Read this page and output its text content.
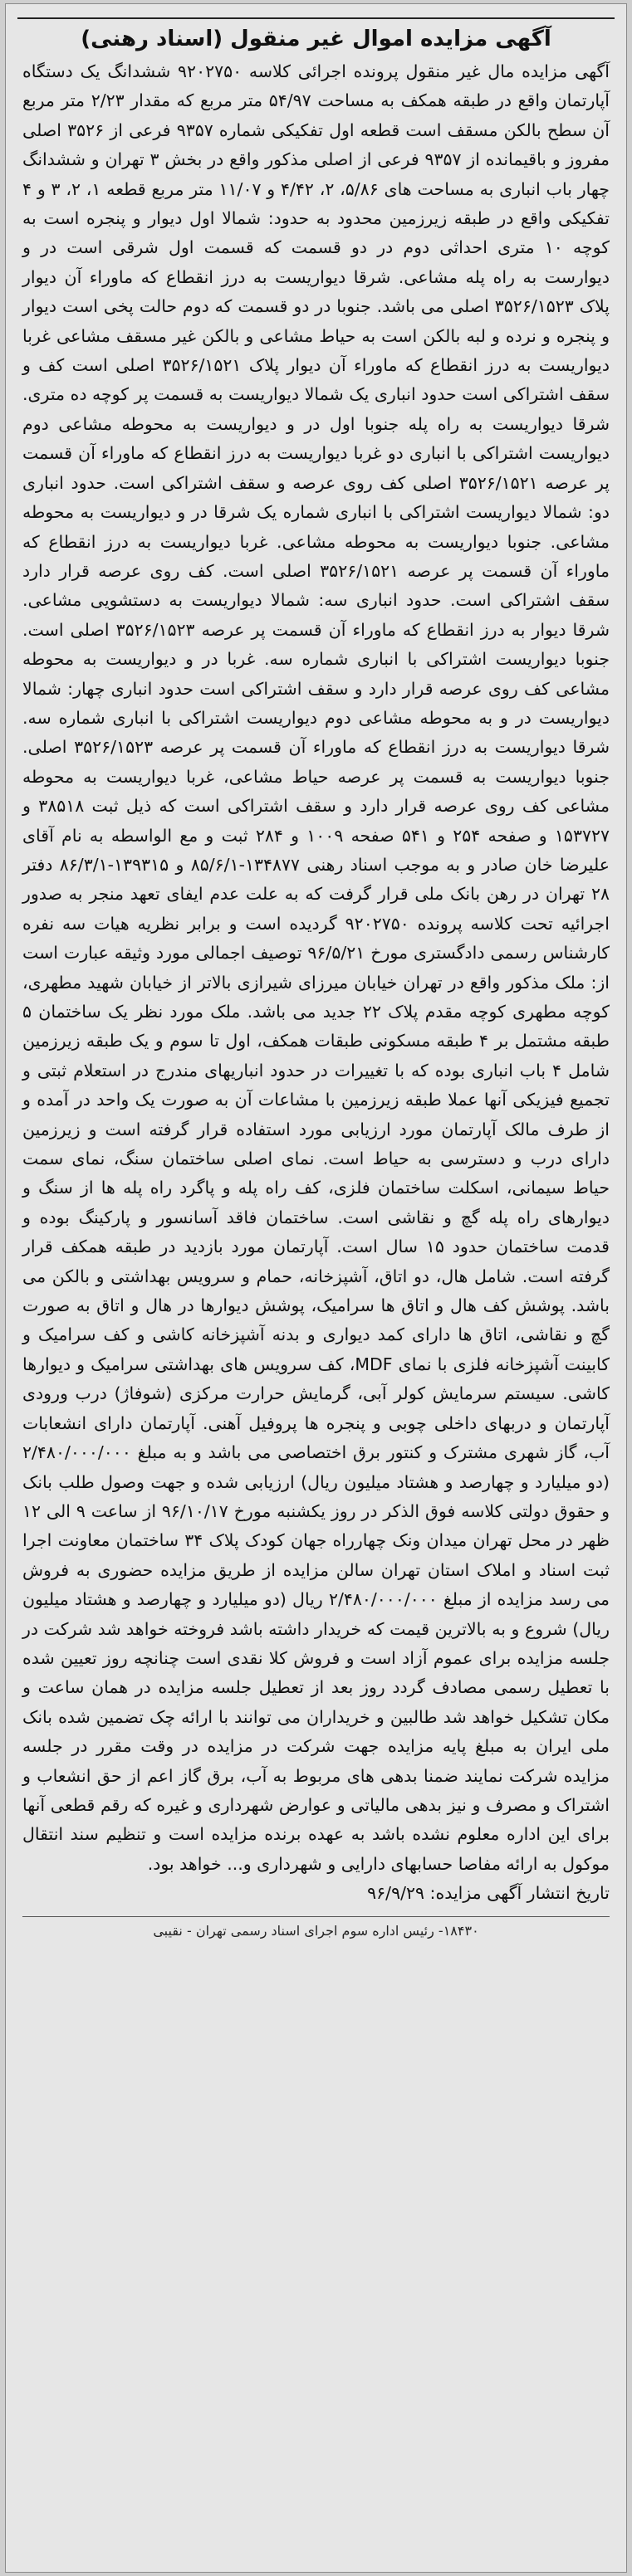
آگهی مزایده اموال غیر منقول (اسناد رهنی)
آگهی مزایده مال غیر منقول پرونده اجرائی کلاسه ۹۲۰۲۷۵۰ ششدانگ یک دستگاه آپارتمان واقع در طبقه همکف به مساحت ۵۴/۹۷ متر مربع که مقدار ۲/۲۳ متر مربع آن سطح بالکن مسقف است قطعه اول تفکیکی شماره ۹۳۵۷ فرعی از ۳۵۲۶ اصلی مفروز و باقیمانده از ۹۳۵۷ فرعی از اصلی مذکور واقع در بخش ۳ تهران و ششدانگ چهار باب انباری به مساحت های ۵/۸۶، ۲، ۴/۴۲ و ۱۱/۰۷ متر مربع قطعه ۱، ۲، ۳ و ۴ تفکیکی واقع در طبقه زیرزمین محدود به حدود: شمالا اول دیوار و پنجره است به کوچه ۱۰ متری احداثی دوم در دو قسمت که قسمت اول شرقی است در و دیوارست به راه پله مشاعی. شرقا دیواریست به درز انقطاع که ماوراء آن دیوار پلاک ۳۵۲۶/۱۵۲۳ اصلی می باشد. جنوبا در دو قسمت که دوم حالت پخی است دیوار و پنجره و نرده و لبه بالکن است به حیاط مشاعی و بالکن غیر مسقف مشاعی غربا دیواریست به درز انقطاع که ماوراء آن دیوار پلاک ۳۵۲۶/۱۵۲۱ اصلی است کف و سقف اشتراکی است حدود انباری یک شمالا دیواریست به قسمت پر کوچه ده متری. شرقا دیواریست به راه پله جنوبا اول در و دیواریست به محوطه مشاعی دوم دیواریست اشتراکی با انباری دو غربا دیواریست به درز انقطاع که ماوراء آن قسمت پر عرصه ۳۵۲۶/۱۵۲۱ اصلی کف روی عرصه و سقف اشتراکی است. حدود انباری دو: شمالا دیواریست اشتراکی با انباری شماره یک شرقا در و دیواریست به محوطه مشاعی. جنوبا دیواریست به محوطه مشاعی. غربا دیواریست به درز انقطاع که ماوراء آن قسمت پر عرصه ۳۵۲۶/۱۵۲۱ اصلی است. کف روی عرصه قرار دارد سقف اشتراکی است. حدود انباری سه: شمالا دیواریست به دستشویی مشاعی. شرقا دیوار به درز انقطاع که ماوراء آن قسمت پر عرصه ۳۵۲۶/۱۵۲۳ اصلی است. جنوبا دیواریست اشتراکی با انباری شماره سه. غربا در و دیواریست به محوطه مشاعی کف روی عرصه قرار دارد و سقف اشتراکی است حدود انباری چهار: شمالا دیواریست در و به محوطه مشاعی دوم دیواریست اشتراکی با انباری شماره سه. شرقا دیواریست به درز انقطاع که ماوراء آن قسمت پر عرصه ۳۵۲۶/۱۵۲۳ اصلی. جنوبا دیواریست به قسمت پر عرصه حیاط مشاعی، غربا دیواریست به محوطه مشاعی کف روی عرصه قرار دارد و سقف اشتراکی است که ذیل ثبت ۳۸۵۱۸ و ۱۵۳۷۲۷ و صفحه ۲۵۴ و ۵۴۱ صفحه ۱۰۰۹ و ۲۸۴ ثبت و مع الواسطه به نام آقای علیرضا خان صادر و به موجب اسناد رهنی ۱۳۴۸۷۷-۸۵/۶/۱ و ۱۳۹۳۱۵-۸۶/۳/۱ دفتر ۲۸ تهران در رهن بانک ملی قرار گرفت که به علت عدم ایفای تعهد منجر به صدور اجرائیه تحت کلاسه پرونده ۹۲۰۲۷۵۰ گردیده است و برابر نظریه هیات سه نفره کارشناس رسمی دادگستری مورخ ۹۶/۵/۲۱ توصیف اجمالی مورد وثیقه عبارت است از: ملک مذکور واقع در تهران خیابان میرزای شیرازی بالاتر از خیابان شهید مطهری، کوچه مطهری کوچه مقدم پلاک ۲۲ جدید می باشد. ملک مورد نظر یک ساختمان ۵ طبقه مشتمل بر ۴ طبقه مسکونی طبقات همکف، اول تا سوم و یک طبقه زیرزمین شامل ۴ باب انباری بوده که با تغییرات در حدود انباریهای مندرج در استعلام ثبتی و تجمیع فیزیکی آنها عملا طبقه زیرزمین با مشاعات آن به صورت یک واحد در آمده و از طرف مالک آپارتمان مورد ارزیابی مورد استفاده قرار گرفته است و زیرزمین دارای درب و دسترسی به حیاط است. نمای اصلی ساختمان سنگ، نمای سمت حیاط سیمانی، اسکلت ساختمان فلزی، کف راه پله و پاگرد راه پله ها از سنگ و دیوارهای راه پله گچ و نقاشی است. ساختمان فاقد آسانسور و پارکینگ بوده و قدمت ساختمان حدود ۱۵ سال است. آپارتمان مورد بازدید در طبقه همکف قرار گرفته است. شامل هال، دو اتاق، آشپزخانه، حمام و سرویس بهداشتی و بالکن می باشد. پوشش کف هال و اتاق ها سرامیک، پوشش دیوارها در هال و اتاق به صورت گچ و نقاشی، اتاق ها دارای کمد دیواری و بدنه آشپزخانه کاشی و کف سرامیک و کابینت آشپزخانه فلزی با نمای MDF، کف سرویس های بهداشتی سرامیک و دیوارها کاشی. سیستم سرمایش کولر آبی، گرمایش حرارت مرکزی (شوفاژ) درب ورودی آپارتمان و دربهای داخلی چوبی و پنجره ها پروفیل آهنی. آپارتمان دارای انشعابات آب، گاز شهری مشترک و کنتور برق اختصاصی می باشد و به مبلغ ۲/۴۸۰/۰۰۰/۰۰۰ (دو میلیارد و چهارصد و هشتاد میلیون ریال) ارزیابی شده و جهت وصول طلب بانک و حقوق دولتی کلاسه فوق الذکر در روز یکشنبه مورخ ۹۶/۱۰/۱۷ از ساعت ۹ الی ۱۲ ظهر در محل تهران میدان ونک چهارراه جهان کودک پلاک ۳۴ ساختمان معاونت اجرا ثبت اسناد و املاک استان تهران سالن مزایده از طریق مزایده حضوری به فروش می رسد مزایده از مبلغ ۲/۴۸۰/۰۰۰/۰۰۰ ریال (دو میلیارد و چهارصد و هشتاد میلیون ریال) شروع و به بالاترین قیمت که خریدار داشته باشد فروخته خواهد شد شرکت در جلسه مزایده برای عموم آزاد است و فروش کلا نقدی است چنانچه روز تعیین شده با تعطیل رسمی مصادف گردد روز بعد از تعطیل جلسه مزایده در همان ساعت و مکان تشکیل خواهد شد طالبین و خریداران می توانند با ارائه چک تضمین شده بانک ملی ایران به مبلغ پایه مزایده جهت شرکت در مزایده در وقت مقرر در جلسه مزایده شرکت نمایند ضمنا بدهی های مربوط به آب، برق گاز اعم از حق انشعاب و اشتراک و مصرف و نیز بدهی مالیاتی و عوارض شهرداری و غیره که رقم قطعی آنها برای این اداره معلوم نشده باشد به عهده برنده مزایده است و تنظیم سند انتقال موکول به ارائه مفاصا حسابهای دارایی و شهرداری و... خواهد بود.
تاریخ انتشار آگهی مزایده: ۹۶/۹/۲۹
۱۸۴۳۰- رئیس اداره سوم اجرای اسناد رسمی تهران - نقیبی
